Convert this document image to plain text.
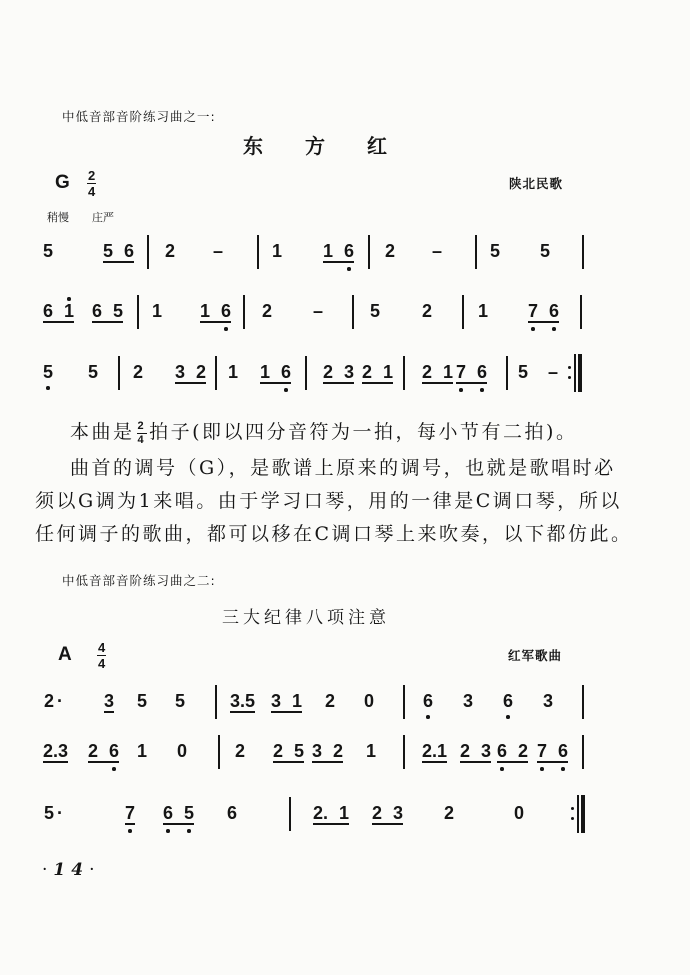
中低音部音阶练习曲之一:
东方红
G $\frac{2}{4}$	陕北民歌
稍慢 庄严
5	5 6 2 –	1 1 6 2 –	5 5
6 1 6 5 1 1 6 2 –	5 2	1 7 6
5 5 2 3 2 1 1 6 2 3 2 1 2 1 7 6 5 –
本曲是 $\frac{2}{4}$ 拍子(即以四分音符为一拍，每小节有二拍)。
曲首的调号（G），是歌谱上原来的调号，也就是歌唱时必
须以G调为1来唱。由于学习口琴，用的一律是C调口琴，所以
任何调子的歌曲，都可以移在C调口琴上来吹奏，以下都仿此。
中低音部音阶练习曲之二:
三大纪律八项注意
A $\frac{4}{4}$	红军歌曲
2 · 3 5 5 3.5 3 1 2 0	6 3 6 3
2.3 2 6 1 0	2 2 5 3 2 1	2.1 2 3 6 2 7 6
5 ·	7 6 5 6	2. 1 2 3 2	0
·14·
